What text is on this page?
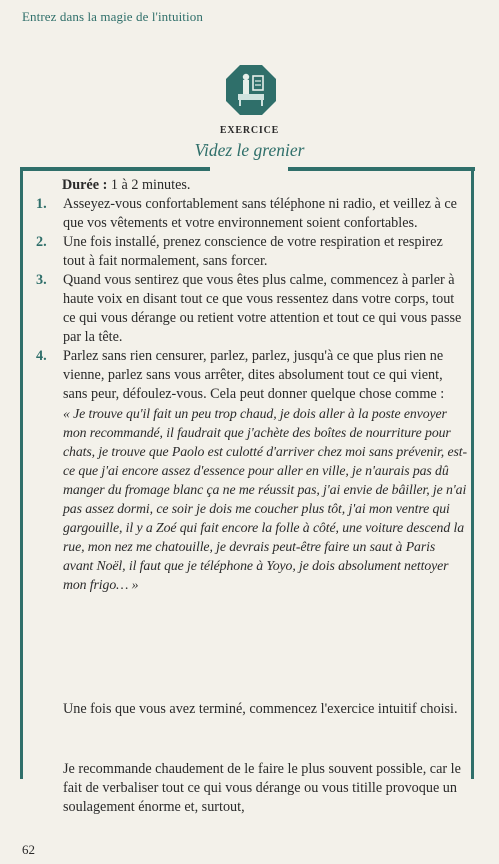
Entrez dans la magie de l'intuition
EXERCICE
Videz le grenier
Durée : 1 à 2 minutes.
1. Asseyez-vous confortablement sans téléphone ni radio, et veillez à ce que vos vêtements et votre environnement soient confortables.
2. Une fois installé, prenez conscience de votre respiration et respirez tout à fait normalement, sans forcer.
3. Quand vous sentirez que vous êtes plus calme, commencez à parler à haute voix en disant tout ce que vous ressentez dans votre corps, tout ce qui vous dérange ou retient votre attention et tout ce qui vous passe par la tête.
4. Parlez sans rien censurer, parlez, parlez, jusqu'à ce que plus rien ne vienne, parlez sans vous arrêter, dites absolument tout ce qui vient, sans peur, défoulez-vous. Cela peut donner quelque chose comme :
« Je trouve qu'il fait un peu trop chaud, je dois aller à la poste envoyer mon recommandé, il faudrait que j'achète des boîtes de nourriture pour chats, je trouve que Paolo est culotté d'arriver chez moi sans prévenir, est-ce que j'ai encore assez d'essence pour aller en ville, je n'aurais pas dû manger du fromage blanc ça ne me réussit pas, j'ai envie de bâiller, je n'ai pas assez dormi, ce soir je dois me coucher plus tôt, j'ai mon ventre qui gargouille, il y a Zoé qui fait encore la folle à côté, une voiture descend la rue, mon nez me chatouille, je devrais peut-être faire un saut à Paris avant Noël, il faut que je téléphone à Yoyo, je dois absolument nettoyer mon frigo… »
Une fois que vous avez terminé, commencez l'exercice intuitif choisi.
Je recommande chaudement de le faire le plus souvent possible, car le fait de verbaliser tout ce qui vous dérange ou vous titille provoque un soulagement énorme et, surtout,
62
